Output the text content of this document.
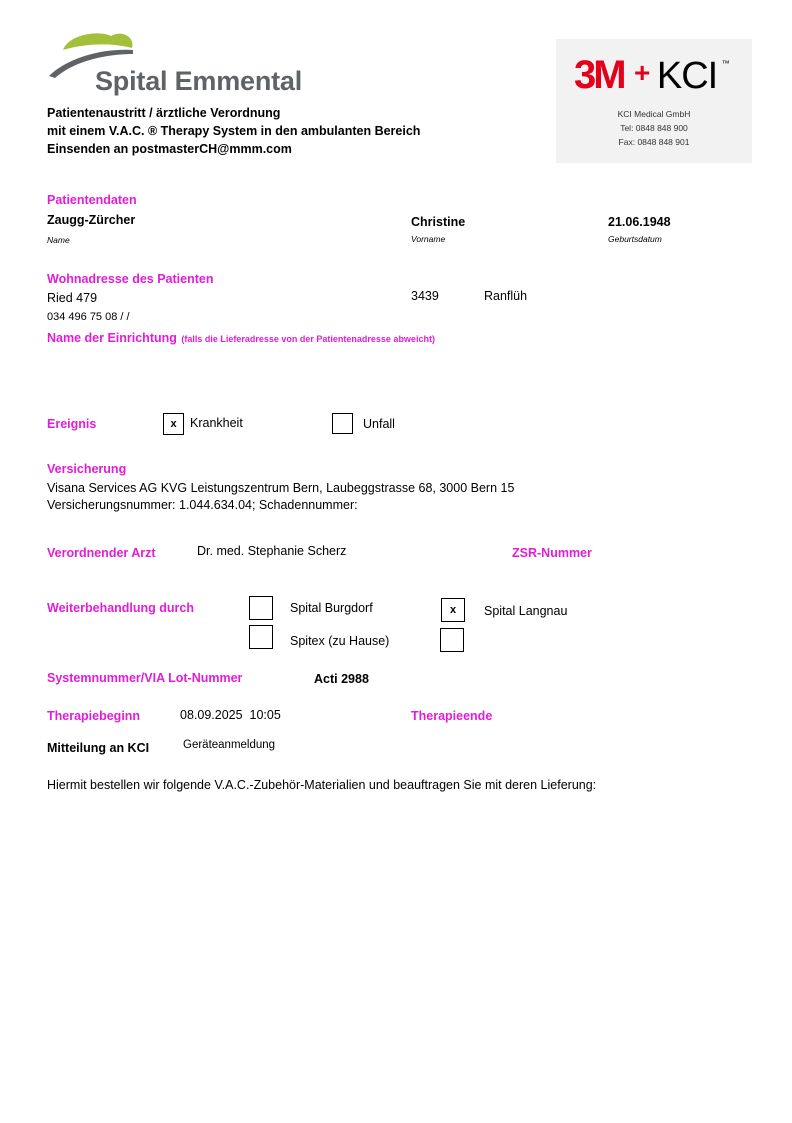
Spital Emmental
Patientenaustritt / ärztliche Verordnung
mit einem V.A.C. ® Therapy System in den ambulanten Bereich
Einsenden an postmasterCH@mmm.com
3M + KCI ™
KCI Medical GmbH
Tel: 0848 848 900
Fax: 0848 848 901
Patientendaten
Zaugg-Zürcher
Name
Christine
Vorname
21.06.1948
Geburtsdatum
Wohnadresse des Patienten
Ried 479	3439	Ranflüh
034 496 75 08 / /
Name der Einrichtung (falls die Lieferadresse von der Patientenadresse abweicht)
Ereignis	x	Krankheit	Unfall
Versicherung
Visana Services AG KVG Leistungszentrum Bern, Laubeggstrasse 68, 3000 Bern 15
Versicherungsnummer: 1.044.634.04; Schadennummer:
Verordnender Arzt	Dr. med. Stephanie Scherz	ZSR-Nummer
Weiterbehandlung durch	Spital Burgdorf	x	Spital Langnau
Spitex (zu Hause)
Systemnummer/VIA Lot-Nummer	Acti 2988
Therapiebeginn	08.09.2025  10:05	Therapieende
Mitteilung an KCI	Geräteanmeldung
Hiermit bestellen wir folgende V.A.C.-Zubehör-Materialien und beauftragen Sie mit deren Lieferung:
